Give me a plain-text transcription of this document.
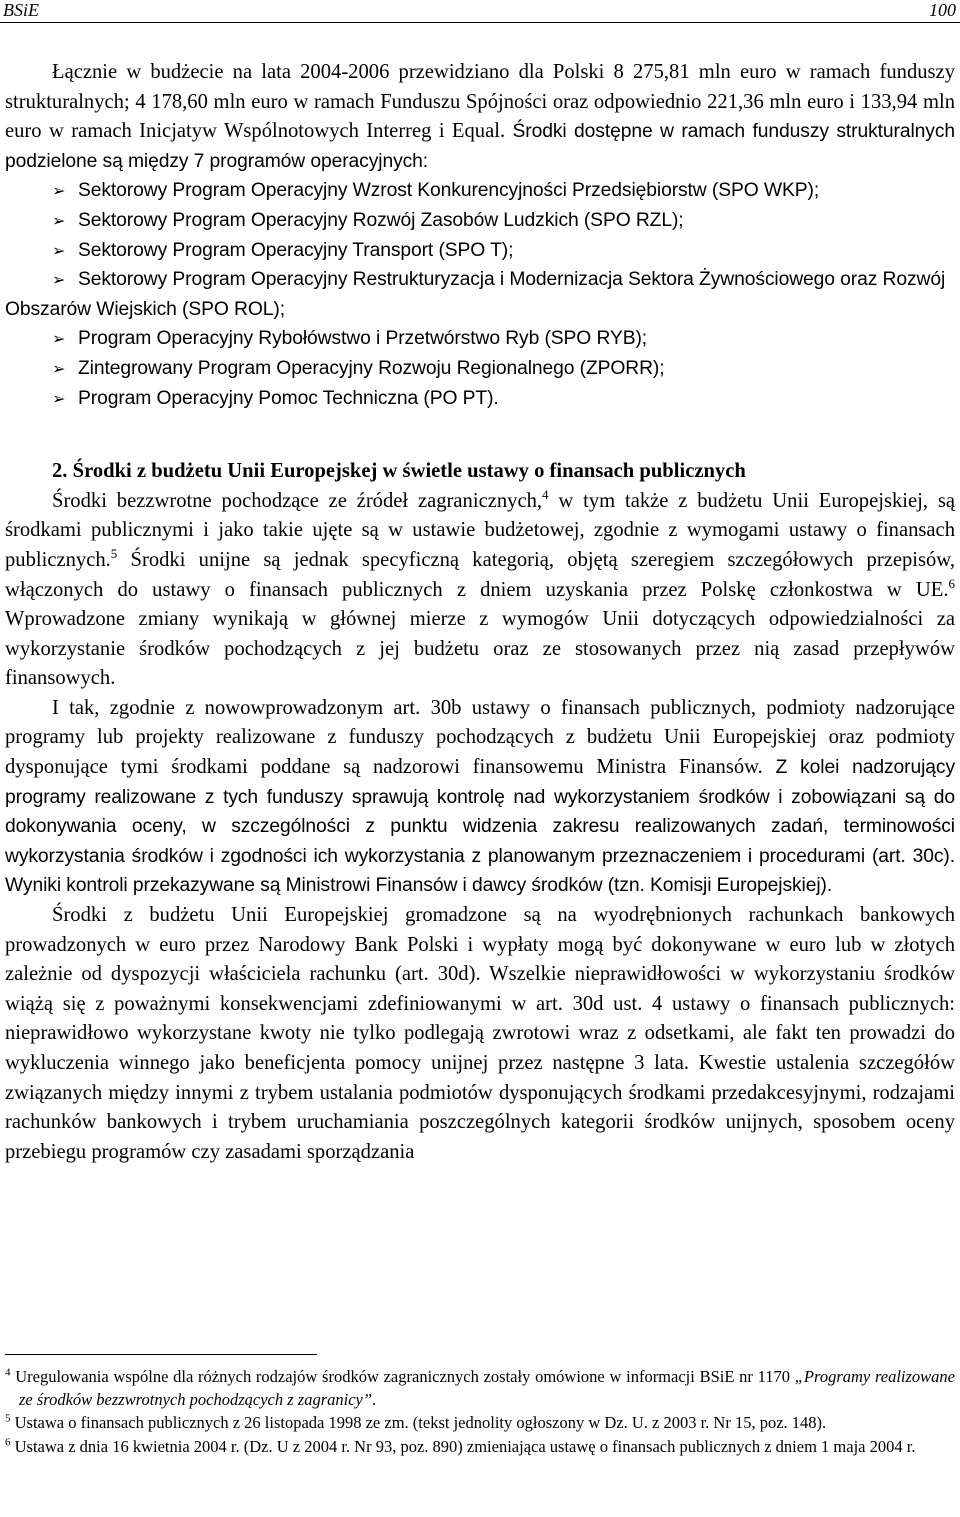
BSiE	100

Łącznie w budżecie na lata 2004-2006 przewidziano dla Polski 8 275,81 mln euro w ramach funduszy strukturalnych; 4 178,60 mln euro w ramach Funduszu Spójności oraz odpowiednio 221,36 mln euro i 133,94 mln euro w ramach Inicjatyw Wspólnotowych Interreg i Equal. Środki dostępne w ramach funduszy strukturalnych podzielone są między 7 programów operacyjnych:

➢ Sektorowy Program Operacyjny Wzrost Konkurencyjności Przedsiębiorstw (SPO WKP);
➢ Sektorowy Program Operacyjny Rozwój Zasobów Ludzkich (SPO RZL);
➢ Sektorowy Program Operacyjny Transport (SPO T);
➢ Sektorowy Program Operacyjny Restrukturyzacja i Modernizacja Sektora Żywnościowego oraz Rozwój Obszarów Wiejskich (SPO ROL);
➢ Program Operacyjny Rybołówstwo i Przetwórstwo Ryb (SPO RYB);
➢ Zintegrowany Program Operacyjny Rozwoju Regionalnego (ZPORR);
➢ Program Operacyjny Pomoc Techniczna (PO PT).
2. Środki z budżetu Unii Europejskej w świetle ustawy o finansach publicznych

Środki bezzwrotne pochodzące ze źródeł zagranicznych,$^4$ w tym także z budżetu Unii Europejskiej, są środkami publicznymi i jako takie ujęte są w ustawie budżetowej, zgodnie z wymogami ustawy o finansach publicznych.$^5$ Środki unijne są jednak specyficzną kategorią, objętą szeregiem szczegółowych przepisów, włączonych do ustawy o finansach publicznych z dniem uzyskania przez Polskę członkostwa w UE.$^6$ Wprowadzone zmiany wynikają w głównej mierze z wymogów Unii dotyczących odpowiedzialności za wykorzystanie środków pochodzących z jej budżetu oraz ze stosowanych przez nią zasad przepływów finansowych.

I tak, zgodnie z nowowprowadzonym art. 30b ustawy o finansach publicznych, podmioty nadzorujące programy lub projekty realizowane z funduszy pochodzących z budżetu Unii Europejskiej oraz podmioty dysponujące tymi środkami poddane są nadzorowi finansowemu Ministra Finansów. Z kolei nadzorujący programy realizowane z tych funduszy sprawują kontrolę nad wykorzystaniem środków i zobowiązani są do dokonywania oceny, w szczególności z punktu widzenia zakresu realizowanych zadań, terminowości wykorzystania środków i zgodności ich wykorzystania z planowanym przeznaczeniem i procedurami (art. 30c). Wyniki kontroli przekazywane są Ministrowi Finansów i dawcy środków (tzn. Komisji Europejskiej).

Środki z budżetu Unii Europejskiej gromadzone są na wyodrębnionych rachunkach bankowych prowadzonych w euro przez Narodowy Bank Polski i wypłaty mogą być dokonywane w euro lub w złotych zależnie od dyspozycji właściciela rachunku (art. 30d). Wszelkie nieprawidłowości w wykorzystaniu środków wiążą się z poważnymi konsekwencjami zdefiniowanymi w art. 30d ust. 4 ustawy o finansach publicznych: nieprawidłowo wykorzystane kwoty nie tylko podlegają zwrotowi wraz z odsetkami, ale fakt ten prowadzi do wykluczenia winnego jako beneficjenta pomocy unijnej przez następne 3 lata. Kwestie ustalenia szczegółów związanych między innymi z trybem ustalania podmiotów dysponujących środkami przedakcesyjnymi, rodzajami rachunków bankowych i trybem uruchamiania poszczególnych kategorii środków unijnych, sposobem oceny przebiegu programów czy zasadami sporządzania

$^4$ Uregulowania wspólne dla różnych rodzajów środków zagranicznych zostały omówione w informacji BSiE nr 1170 „Programy realizowane ze środków bezzwrotnych pochodzących z zagranicy”.
$^5$ Ustawa o finansach publicznych z 26 listopada 1998 ze zm. (tekst jednolity ogłoszony w Dz. U. z 2003 r. Nr 15, poz. 148).
$^6$ Ustawa z dnia 16 kwietnia 2004 r. (Dz. U z 2004 r. Nr 93, poz. 890) zmieniająca ustawę o finansach publicznych z dniem 1 maja 2004 r.
